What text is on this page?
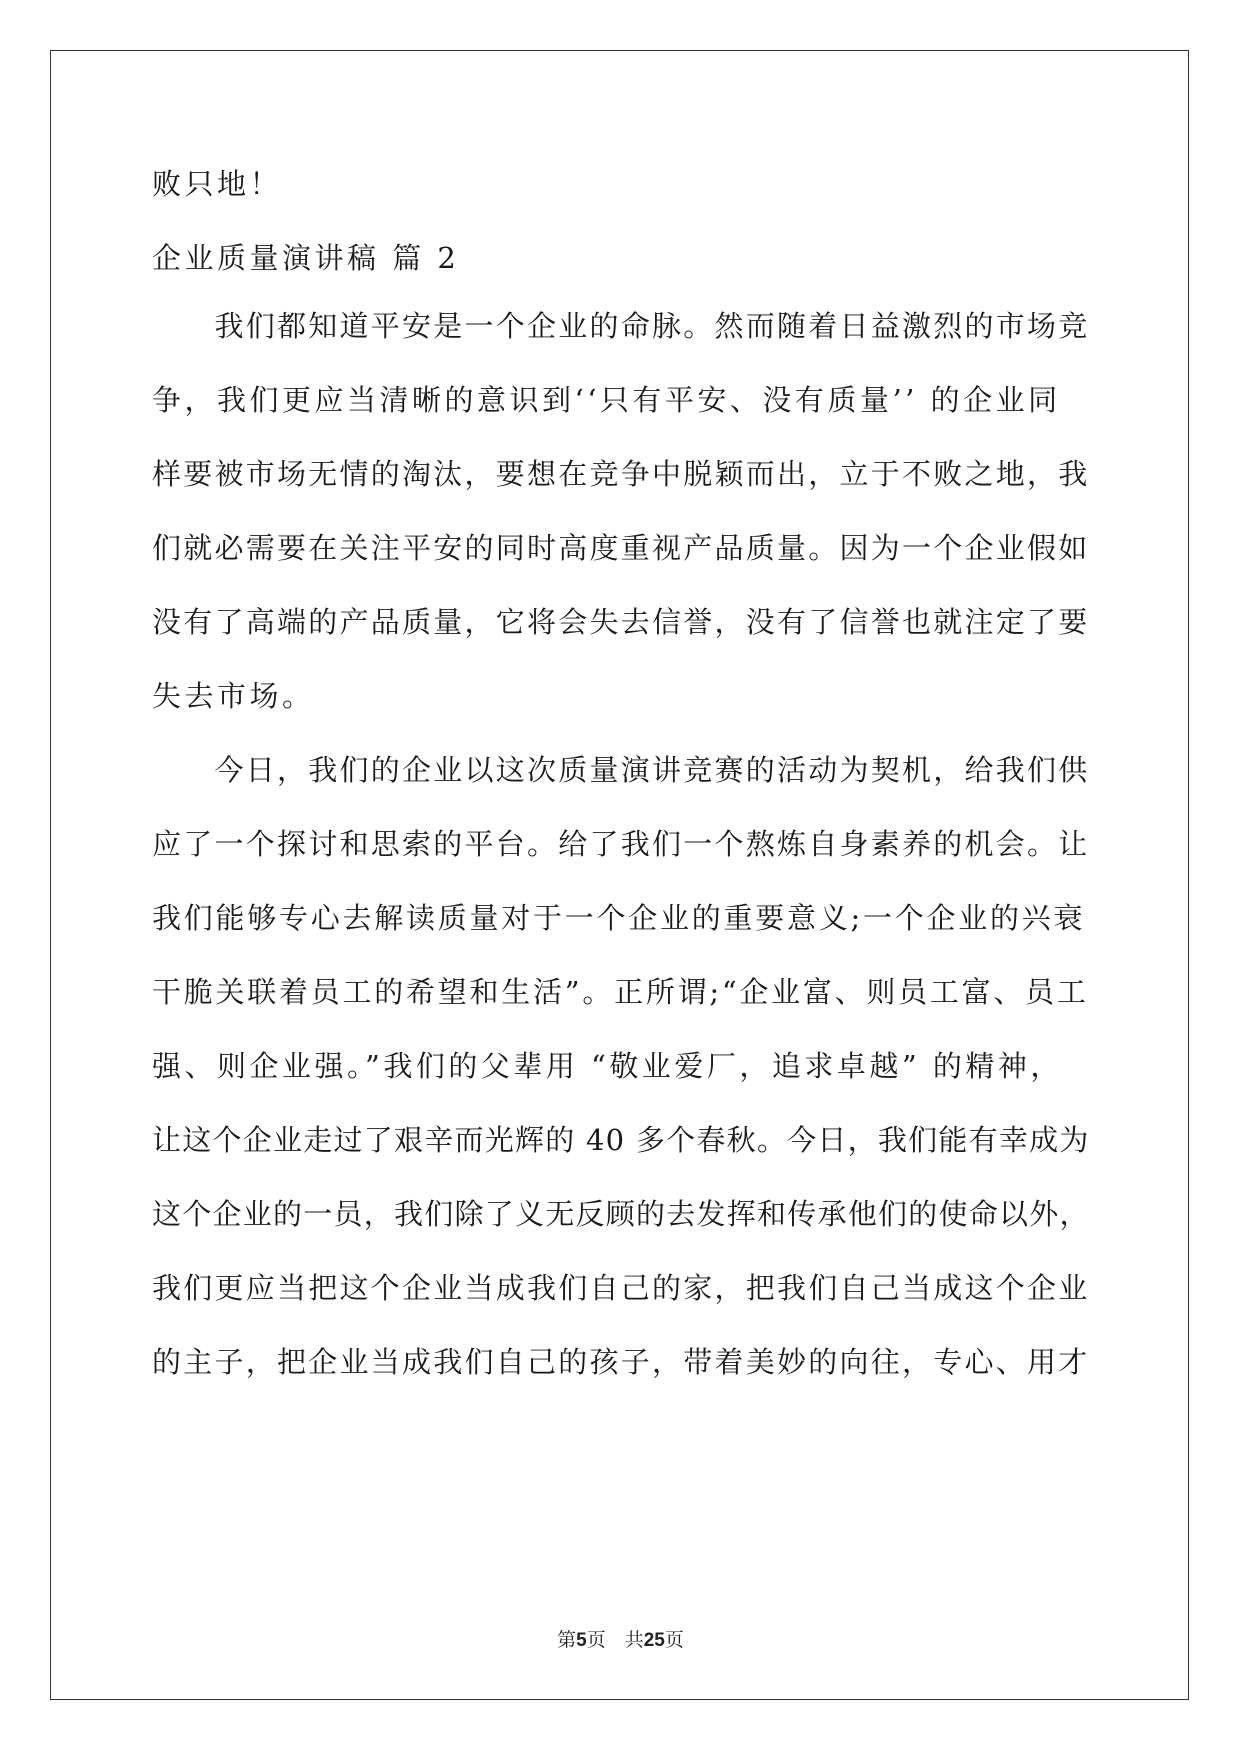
败只地！
企业质量演讲稿 篇 2
　　我们都知道平安是一个企业的命脉。然而随着日益激烈的市场竞
争，我们更应当清晰的意识到‘‘只有平安、没有质量’’ 的企业同
样要被市场无情的淘汰，要想在竞争中脱颖而出，立于不败之地，我
们就必需要在关注平安的同时高度重视产品质量。因为一个企业假如
没有了高端的产品质量，它将会失去信誉，没有了信誉也就注定了要
失去市场。
　　今日，我们的企业以这次质量演讲竞赛的活动为契机，给我们供
应了一个探讨和思索的平台。给了我们一个熬炼自身素养的机会。让
我们能够专心去解读质量对于一个企业的重要意义;一个企业的兴衰
干脆关联着员工的希望和生活”。正所谓;“企业富、则员工富、员工
强、则企业强。”我们的父辈用 “敬业爱厂，追求卓越” 的精神，
让这个企业走过了艰辛而光辉的 40 多个春秋。今日，我们能有幸成为
这个企业的一员，我们除了义无反顾的去发挥和传承他们的使命以外，
我们更应当把这个企业当成我们自己的家，把我们自己当成这个企业
的主子，把企业当成我们自己的孩子，带着美妙的向往，专心、用才
第5页　共25页
